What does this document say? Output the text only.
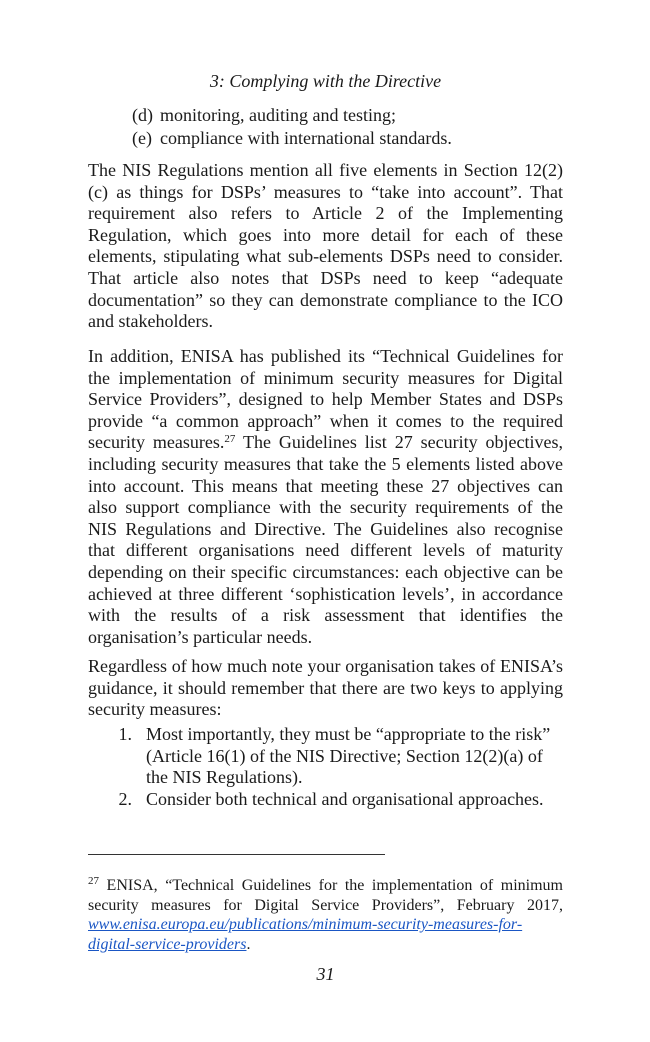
3: Complying with the Directive
(d) monitoring, auditing and testing;
(e) compliance with international standards.

The NIS Regulations mention all five elements in Section 12(2)(c) as things for DSPs’ measures to “take into account”. That requirement also refers to Article 2 of the Implementing Regulation, which goes into more detail for each of these elements, stipulating what sub-elements DSPs need to consider. That article also notes that DSPs need to keep “adequate documentation” so they can demonstrate compliance to the ICO and stakeholders.

In addition, ENISA has published its “Technical Guidelines for the implementation of minimum security measures for Digital Service Providers”, designed to help Member States and DSPs provide “a common approach” when it comes to the required security measures.$^{27}$ The Guidelines list 27 security objectives, including security measures that take the 5 elements listed above into account. This means that meeting these 27 objectives can also support compliance with the security requirements of the NIS Regulations and Directive. The Guidelines also recognise that different organisations need different levels of maturity depending on their specific circumstances: each objective can be achieved at three different ‘sophistication levels’, in accordance with the results of a risk assessment that identifies the organisation’s particular needs.

Regardless of how much note your organisation takes of ENISA’s guidance, it should remember that there are two keys to applying security measures:

1. Most importantly, they must be “appropriate to the risk” (Article 16(1) of the NIS Directive; Section 12(2)(a) of the NIS Regulations).
2. Consider both technical and organisational approaches.

$^{27}$ ENISA, “Technical Guidelines for the implementation of minimum security measures for Digital Service Providers”, February 2017, www.enisa.europa.eu/publications/minimum-security-measures-for-digital-service-providers.

31
